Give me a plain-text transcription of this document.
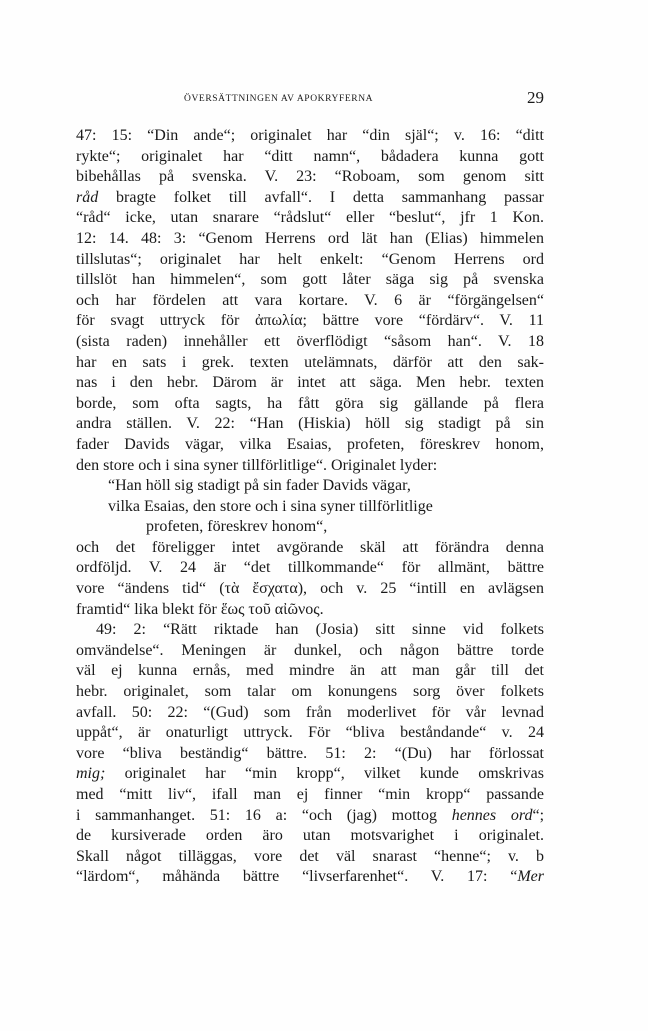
ÖVERSÄTTNINGEN AV APOKRYFERNA	29
47: 15: “Din ande“; originalet har “din själ“; v. 16: “ditt
rykte“; originalet har “ditt namn“, bådadera kunna gott
bibehållas på svenska. V. 23: “Roboam, som genom sitt
råd bragte folket till avfall“. I detta sammanhang passar
“råd“ icke, utan snarare “rådslut“ eller “beslut“, jfr 1 Kon.
12: 14. 48: 3: “Genom Herrens ord lät han (Elias) himmelen
tillslutas“; originalet har helt enkelt: “Genom Herrens ord
tillslöt han himmelen“, som gott låter säga sig på svenska
och har fördelen att vara kortare. V. 6 är “förgängelsen“
för svagt uttryck för ἀπωλία; bättre vore “fördärv“. V. 11
(sista raden) innehåller ett överflödigt “såsom han“. V. 18
har en sats i grek. texten utelämnats, därför att den sak-
nas i den hebr. Därom är intet att säga. Men hebr. texten
borde, som ofta sagts, ha fått göra sig gällande på flera
andra ställen. V. 22: “Han (Hiskia) höll sig stadigt på sin
fader Davids vägar, vilka Esaias, profeten, föreskrev honom,
den store och i sina syner tillförlitlige“. Originalet lyder:
“Han höll sig stadigt på sin fader Davids vägar,
vilka Esaias, den store och i sina syner tillförlitlige
profeten, föreskrev honom“,
och det föreligger intet avgörande skäl att förändra denna
ordföljd. V. 24 är “det tillkommande“ för allmänt, bättre
vore “ändens tid“ (τὰ ἔσχατα), och v. 25 “intill en avlägsen
framtid“ lika blekt för ἕως τοῦ αἰῶνος.
49: 2: “Rätt riktade han (Josia) sitt sinne vid folkets
omvändelse“. Meningen är dunkel, och någon bättre torde
väl ej kunna ernås, med mindre än att man går till det
hebr. originalet, som talar om konungens sorg över folkets
avfall. 50: 22: “(Gud) som från moderlivet för vår levnad
uppåt“, är onaturligt uttryck. För “bliva beståndande“ v. 24
vore “bliva beständig“ bättre. 51: 2: “(Du) har förlossat
mig; originalet har “min kropp“, vilket kunde omskrivas
med “mitt liv“, ifall man ej finner “min kropp“ passande
i sammanhanget. 51: 16 a: “och (jag) mottog hennes ord“;
de kursiverade orden äro utan motsvarighet i originalet.
Skall något tilläggas, vore det väl snarast “henne“; v. b
“lärdom“, måhända bättre “livserfarenhet“. V. 17: “Mer
